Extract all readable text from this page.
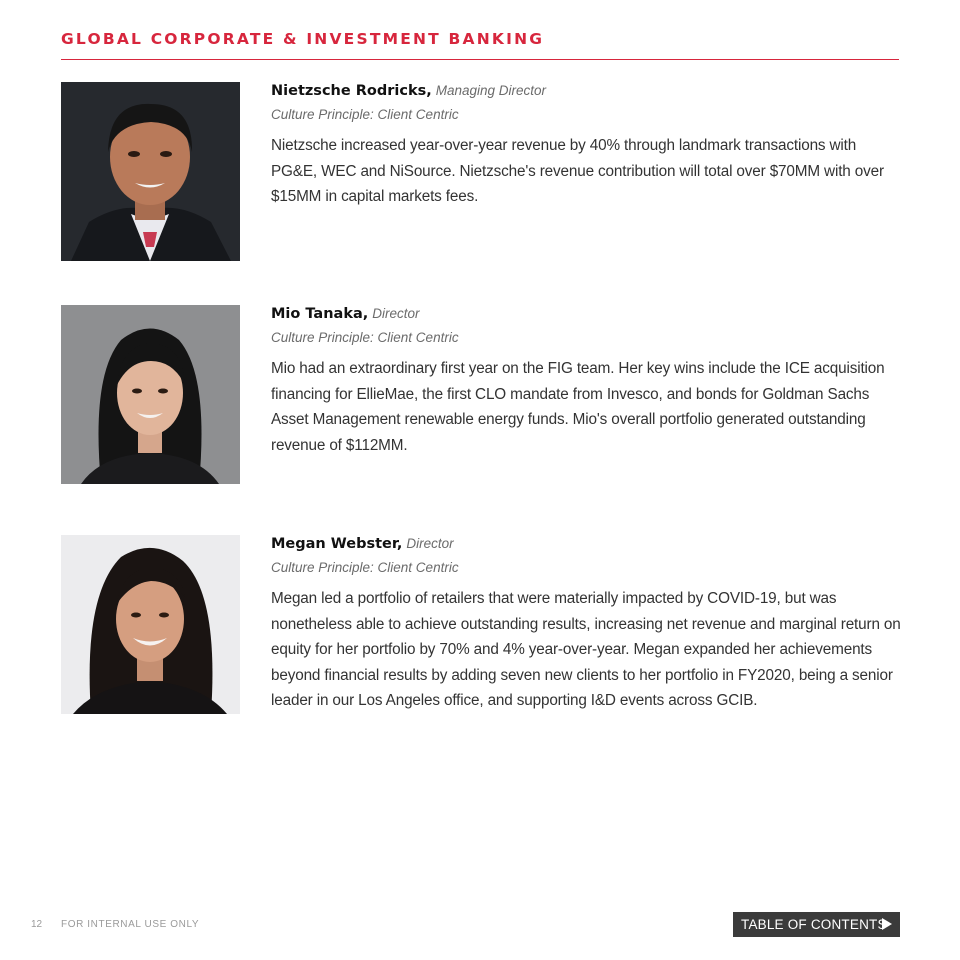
GLOBAL CORPORATE & INVESTMENT BANKING
Nietzsche Rodricks, Managing Director
Culture Principle: Client Centric
Nietzsche increased year-over-year revenue by 40% through landmark transactions with PG&E, WEC and NiSource. Nietzsche's revenue contribution will total over $70MM with over $15MM in capital markets fees.
Mio Tanaka, Director
Culture Principle: Client Centric
Mio had an extraordinary first year on the FIG team. Her key wins include the ICE acquisition financing for EllieMae, the first CLO mandate from Invesco, and bonds for Goldman Sachs Asset Management renewable energy funds. Mio's overall portfolio generated outstanding revenue of $112MM.
Megan Webster, Director
Culture Principle: Client Centric
Megan led a portfolio of retailers that were materially impacted by COVID-19, but was nonetheless able to achieve outstanding results, increasing net revenue and marginal return on equity for her portfolio by 70% and 4% year-over-year. Megan expanded her achievements beyond financial results by adding seven new clients to her portfolio in FY2020, being a senior leader in our Los Angeles office, and supporting I&D events across GCIB.
12 FOR INTERNAL USE ONLY	TABLE OF CONTENTS
